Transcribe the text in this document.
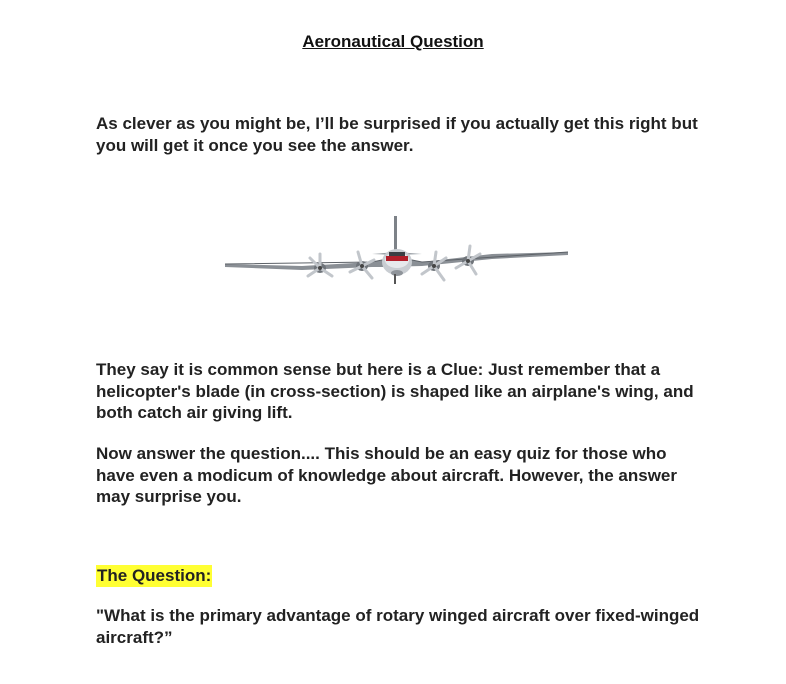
Aeronautical Question

As clever as you might be, I’ll be surprised if you actually get this right but you will get it once you see the answer.

They say it is common sense but here is a Clue: Just remember that a helicopter's blade (in cross-section) is shaped like an airplane's wing, and both catch air giving lift.

Now answer the question.... This should be an easy quiz for those who have even a modicum of knowledge about aircraft. However, the answer may surprise you.

The Question:

"What is the primary advantage of rotary winged aircraft over fixed-winged aircraft?”
